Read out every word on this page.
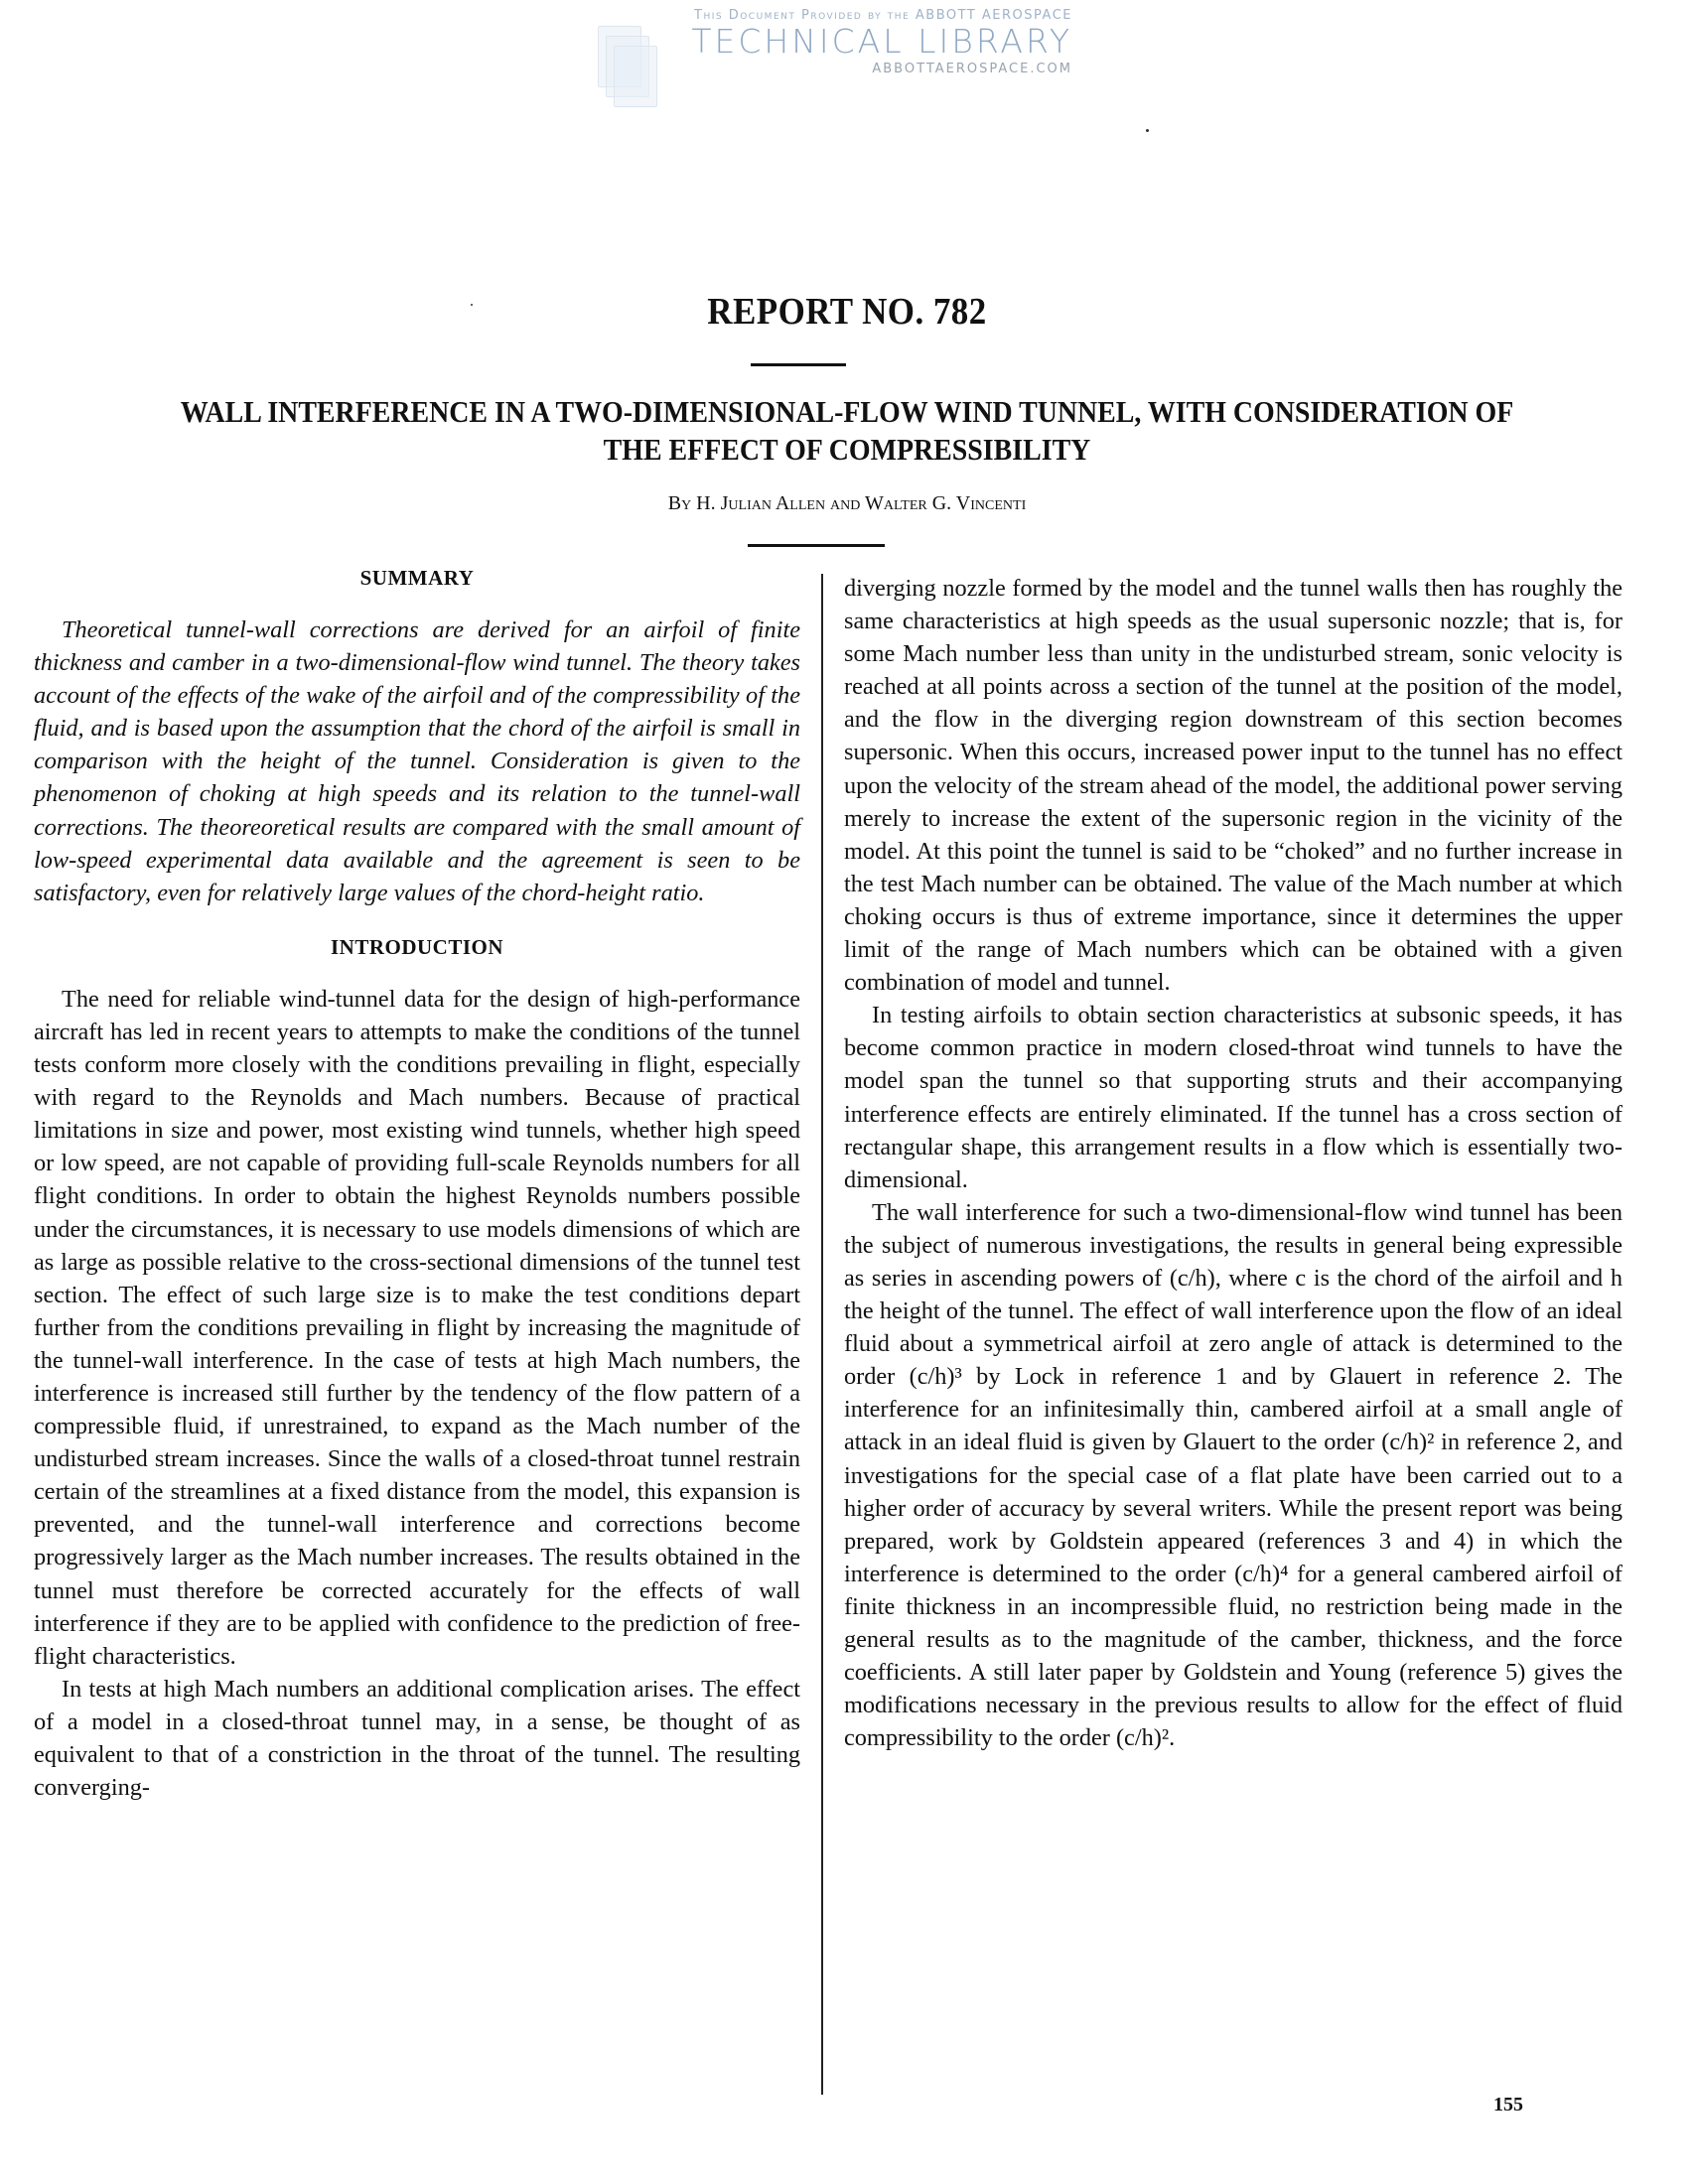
This Document Provided by the ABBOTT AEROSPACE
TECHNICAL LIBRARY
ABBOTTAEROSPACE.COM
REPORT NO. 782
WALL INTERFERENCE IN A TWO-DIMENSIONAL-FLOW WIND TUNNEL, WITH CONSIDERATION OF THE EFFECT OF COMPRESSIBILITY
By H. Julian Allen and Walter G. Vincenti
SUMMARY

Theoretical tunnel-wall corrections are derived for an airfoil of finite thickness and camber in a two-dimensional-flow wind tunnel. The theory takes account of the effects of the wake of the airfoil and of the compressibility of the fluid, and is based upon the assumption that the chord of the airfoil is small in comparison with the height of the tunnel. Consideration is given to the phenomenon of choking at high speeds and its relation to the tunnel-wall corrections. The theoreoretical results are compared with the small amount of low-speed experimental data available and the agreement is seen to be satisfactory, even for relatively large values of the chord-height ratio.

INTRODUCTION

The need for reliable wind-tunnel data for the design of high-performance aircraft has led in recent years to attempts to make the conditions of the tunnel tests conform more closely with the conditions prevailing in flight, especially with regard to the Reynolds and Mach numbers. Because of practical limitations in size and power, most existing wind tunnels, whether high speed or low speed, are not capable of providing full-scale Reynolds numbers for all flight conditions. In order to obtain the highest Reynolds numbers possible under the circumstances, it is necessary to use models dimensions of which are as large as possible relative to the cross-sectional dimensions of the tunnel test section. The effect of such large size is to make the test conditions depart further from the conditions prevailing in flight by increasing the magnitude of the tunnel-wall interference. In the case of tests at high Mach numbers, the interference is increased still further by the tendency of the flow pattern of a compressible fluid, if unrestrained, to expand as the Mach number of the undisturbed stream increases. Since the walls of a closed-throat tunnel restrain certain of the streamlines at a fixed distance from the model, this expansion is prevented, and the tunnel-wall interference and corrections become progressively larger as the Mach number increases. The results obtained in the tunnel must therefore be corrected accurately for the effects of wall interference if they are to be applied with confidence to the prediction of free-flight characteristics.

In tests at high Mach numbers an additional complication arises. The effect of a model in a closed-throat tunnel may, in a sense, be thought of as equivalent to that of a constriction in the throat of the tunnel. The resulting converging-

diverging nozzle formed by the model and the tunnel walls then has roughly the same characteristics at high speeds as the usual supersonic nozzle; that is, for some Mach number less than unity in the undisturbed stream, sonic velocity is reached at all points across a section of the tunnel at the position of the model, and the flow in the diverging region downstream of this section becomes supersonic. When this occurs, increased power input to the tunnel has no effect upon the velocity of the stream ahead of the model, the additional power serving merely to increase the extent of the supersonic region in the vicinity of the model. At this point the tunnel is said to be “choked” and no further increase in the test Mach number can be obtained. The value of the Mach number at which choking occurs is thus of extreme importance, since it determines the upper limit of the range of Mach numbers which can be obtained with a given combination of model and tunnel.

In testing airfoils to obtain section characteristics at subsonic speeds, it has become common practice in modern closed-throat wind tunnels to have the model span the tunnel so that supporting struts and their accompanying interference effects are entirely eliminated. If the tunnel has a cross section of rectangular shape, this arrangement results in a flow which is essentially two-dimensional.

The wall interference for such a two-dimensional-flow wind tunnel has been the subject of numerous investigations, the results in general being expressible as series in ascending powers of (c/h), where c is the chord of the airfoil and h the height of the tunnel. The effect of wall interference upon the flow of an ideal fluid about a symmetrical airfoil at zero angle of attack is determined to the order (c/h)³ by Lock in reference 1 and by Glauert in reference 2. The interference for an infinitesimally thin, cambered airfoil at a small angle of attack in an ideal fluid is given by Glauert to the order (c/h)² in reference 2, and investigations for the special case of a flat plate have been carried out to a higher order of accuracy by several writers. While the present report was being prepared, work by Goldstein appeared (references 3 and 4) in which the interference is determined to the order (c/h)⁴ for a general cambered airfoil of finite thickness in an incompressible fluid, no restriction being made in the general results as to the magnitude of the camber, thickness, and the force coefficients. A still later paper by Goldstein and Young (reference 5) gives the modifications necessary in the previous results to allow for the effect of fluid compressibility to the order (c/h)².

155
